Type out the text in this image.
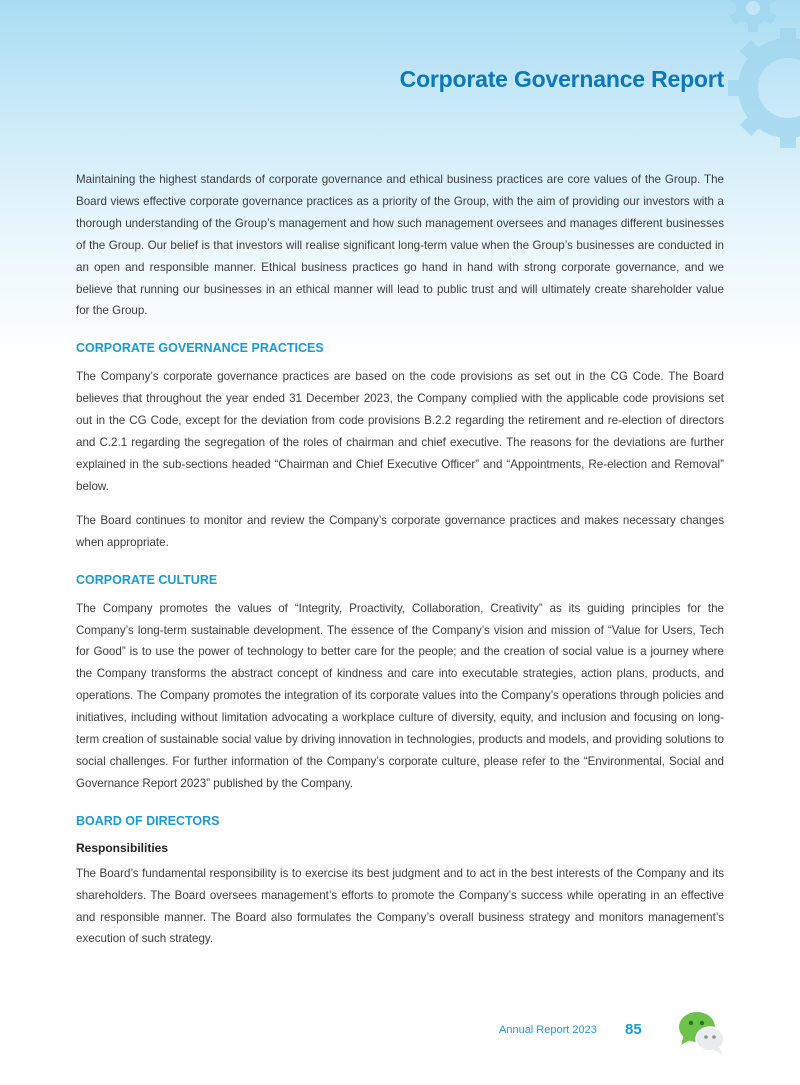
Corporate Governance Report

Maintaining the highest standards of corporate governance and ethical business practices are core values of the Group. The Board views effective corporate governance practices as a priority of the Group, with the aim of providing our investors with a thorough understanding of the Group’s management and how such management oversees and manages different businesses of the Group. Our belief is that investors will realise significant long-term value when the Group’s businesses are conducted in an open and responsible manner. Ethical business practices go hand in hand with strong corporate governance, and we believe that running our businesses in an ethical manner will lead to public trust and will ultimately create shareholder value for the Group.

CORPORATE GOVERNANCE PRACTICES

The Company’s corporate governance practices are based on the code provisions as set out in the CG Code. The Board believes that throughout the year ended 31 December 2023, the Company complied with the applicable code provisions set out in the CG Code, except for the deviation from code provisions B.2.2 regarding the retirement and re-election of directors and C.2.1 regarding the segregation of the roles of chairman and chief executive. The reasons for the deviations are further explained in the sub-sections headed “Chairman and Chief Executive Officer” and “Appointments, Re-election and Removal” below.

The Board continues to monitor and review the Company’s corporate governance practices and makes necessary changes when appropriate.

CORPORATE CULTURE

The Company promotes the values of “Integrity, Proactivity, Collaboration, Creativity” as its guiding principles for the Company’s long-term sustainable development. The essence of the Company’s vision and mission of “Value for Users, Tech for Good” is to use the power of technology to better care for the people; and the creation of social value is a journey where the Company transforms the abstract concept of kindness and care into executable strategies, action plans, products, and operations. The Company promotes the integration of its corporate values into the Company’s operations through policies and initiatives, including without limitation advocating a workplace culture of diversity, equity, and inclusion and focusing on long-term creation of sustainable social value by driving innovation in technologies, products and models, and providing solutions to social challenges. For further information of the Company’s corporate culture, please refer to the “Environmental, Social and Governance Report 2023” published by the Company.

BOARD OF DIRECTORS
Responsibilities

The Board’s fundamental responsibility is to exercise its best judgment and to act in the best interests of the Company and its shareholders. The Board oversees management’s efforts to promote the Company’s success while operating in an effective and responsible manner. The Board also formulates the Company’s overall business strategy and monitors management’s execution of such strategy.

Annual Report 2023 85
